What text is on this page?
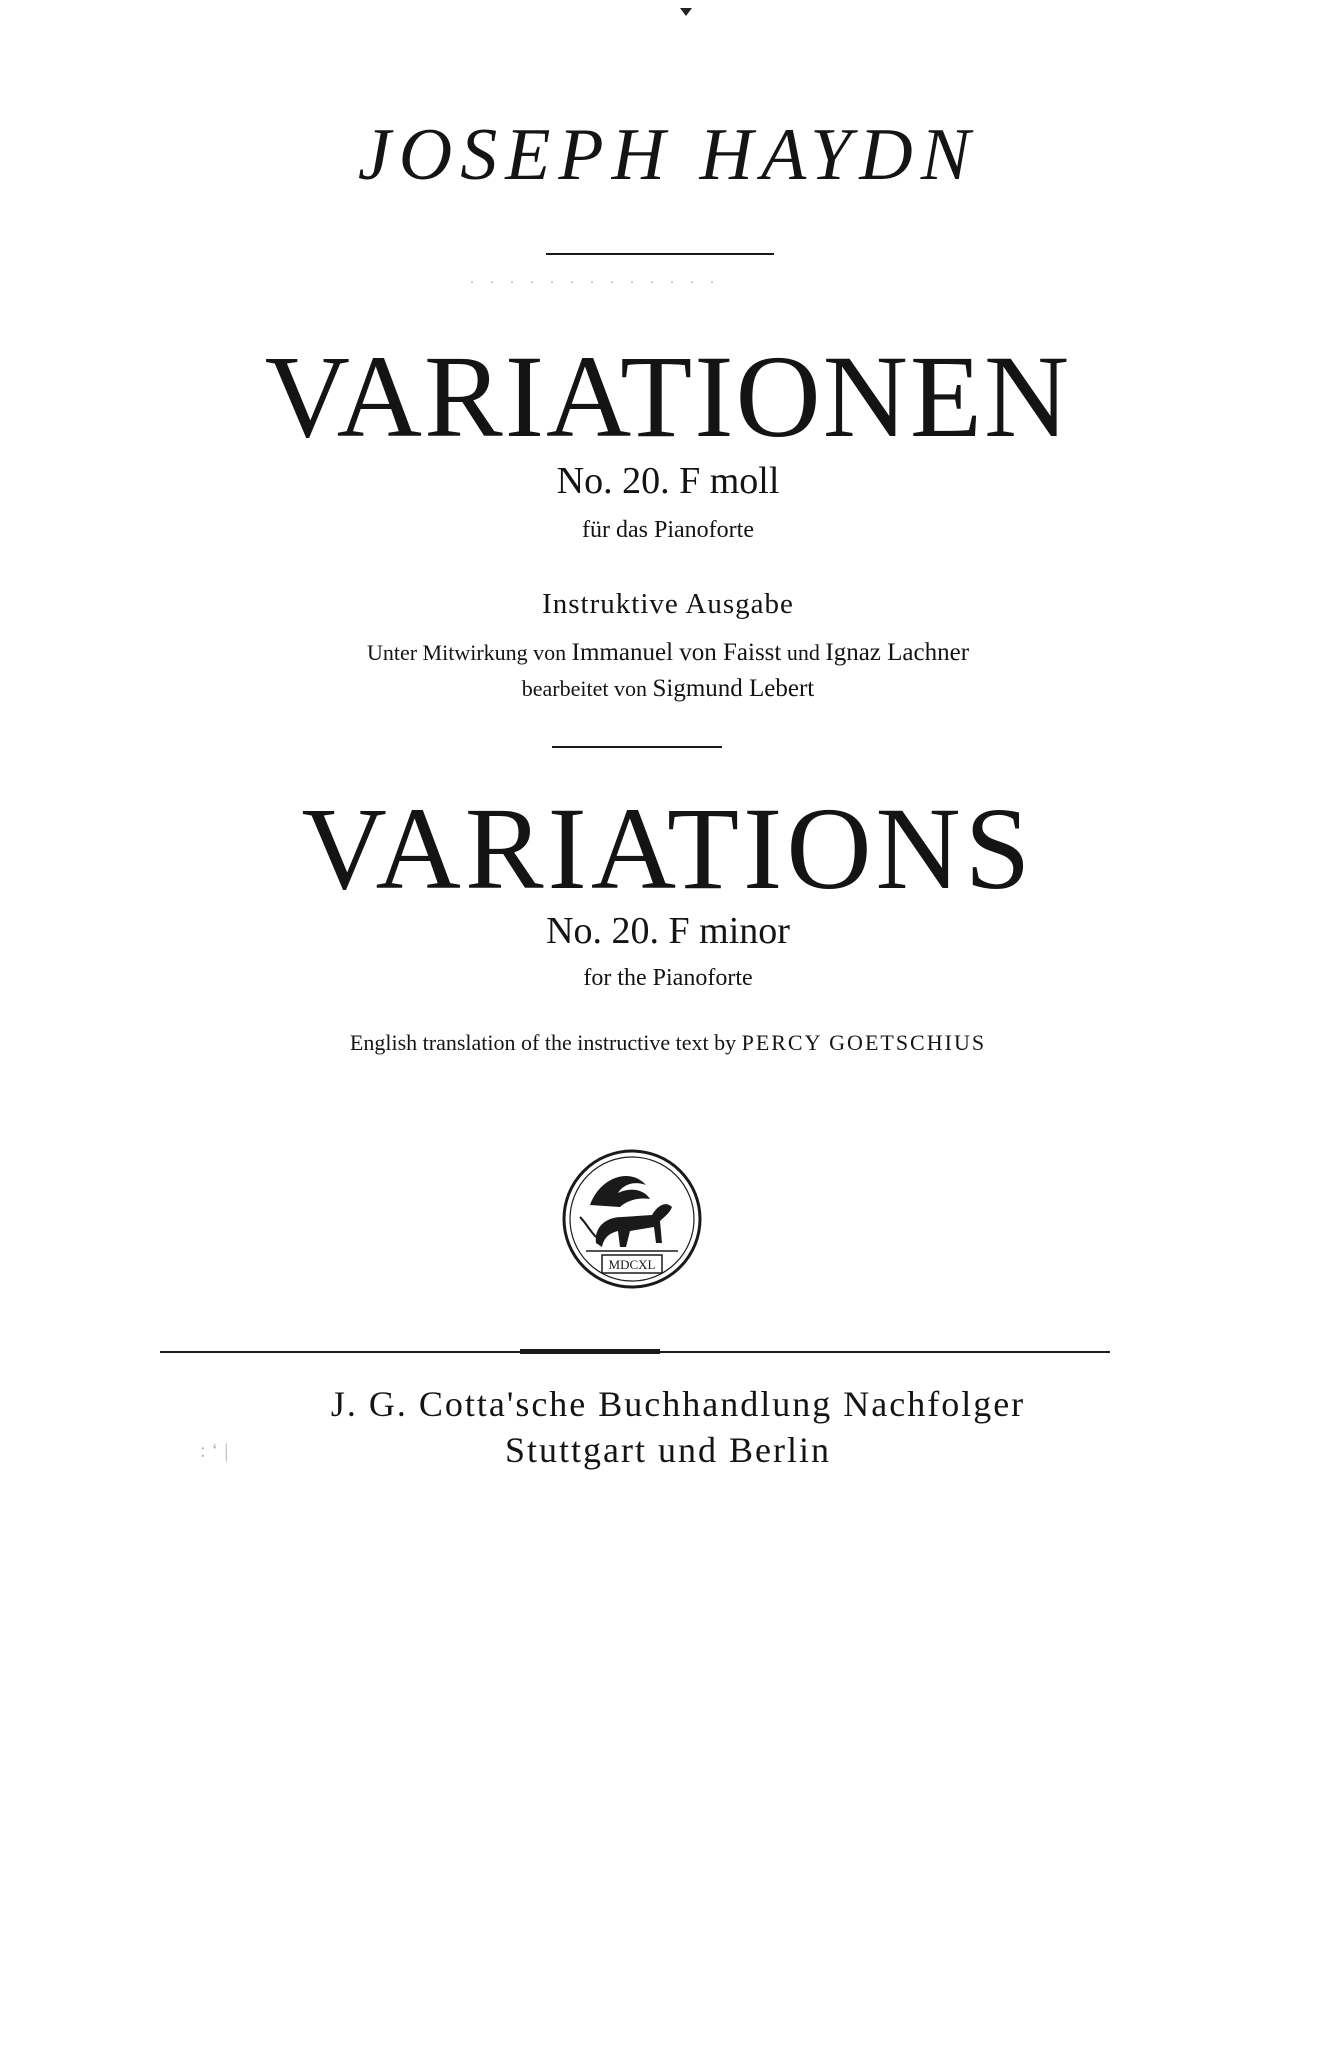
JOSEPH HAYDN
. . . . . . . . . . . . .
VARIATIONEN
No. 20. F moll
für das Pianoforte
Instruktive Ausgabe
Unter Mitwirkung von Immanuel von Faisst und Ignaz Lachner
bearbeitet von Sigmund Lebert
VARIATIONS
No. 20. F minor
for the Pianoforte
English translation of the instructive text by PERCY GOETSCHIUS
MDCXL
J. G. Cotta'sche Buchhandlung Nachfolger
Stuttgart und Berlin
:‘|
